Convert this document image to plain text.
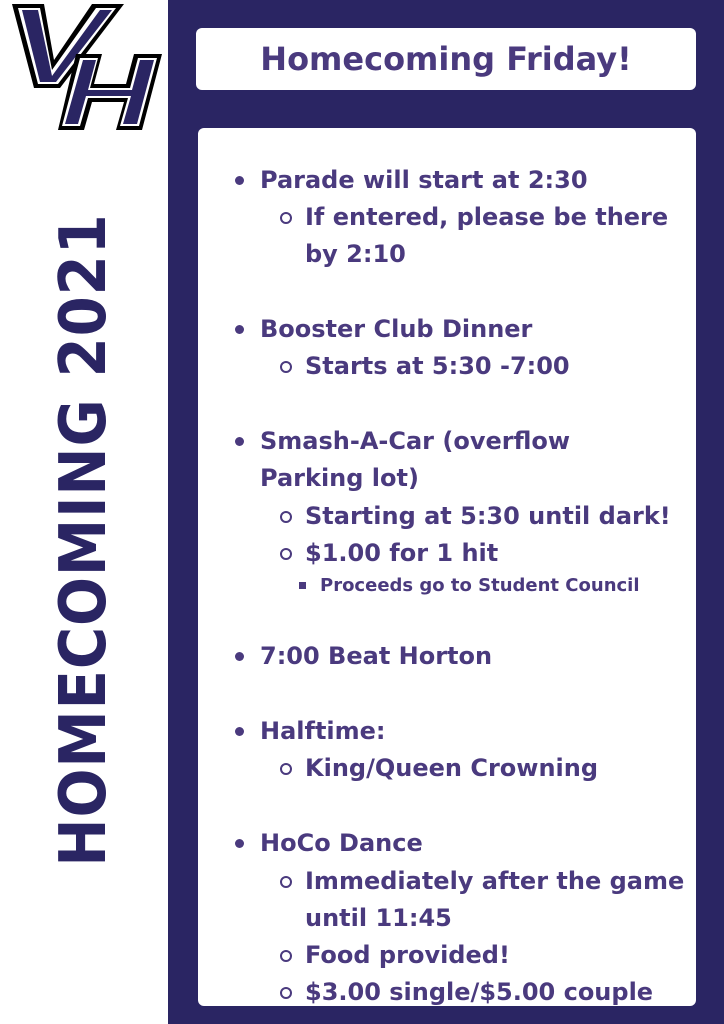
HOMECOMING 2021
Homecoming Friday!
Parade will start at 2:30
If entered, please be there by 2:10
Booster Club Dinner
Starts at 5:30 -7:00
Smash-A-Car (overflow Parking lot)
Starting at 5:30 until dark!
$1.00 for 1 hit
Proceeds go to Student Council
7:00 Beat Horton
Halftime:
King/Queen Crowning
HoCo Dance
Immediately after the game until 11:45
Food provided!
$3.00 single/$5.00 couple
